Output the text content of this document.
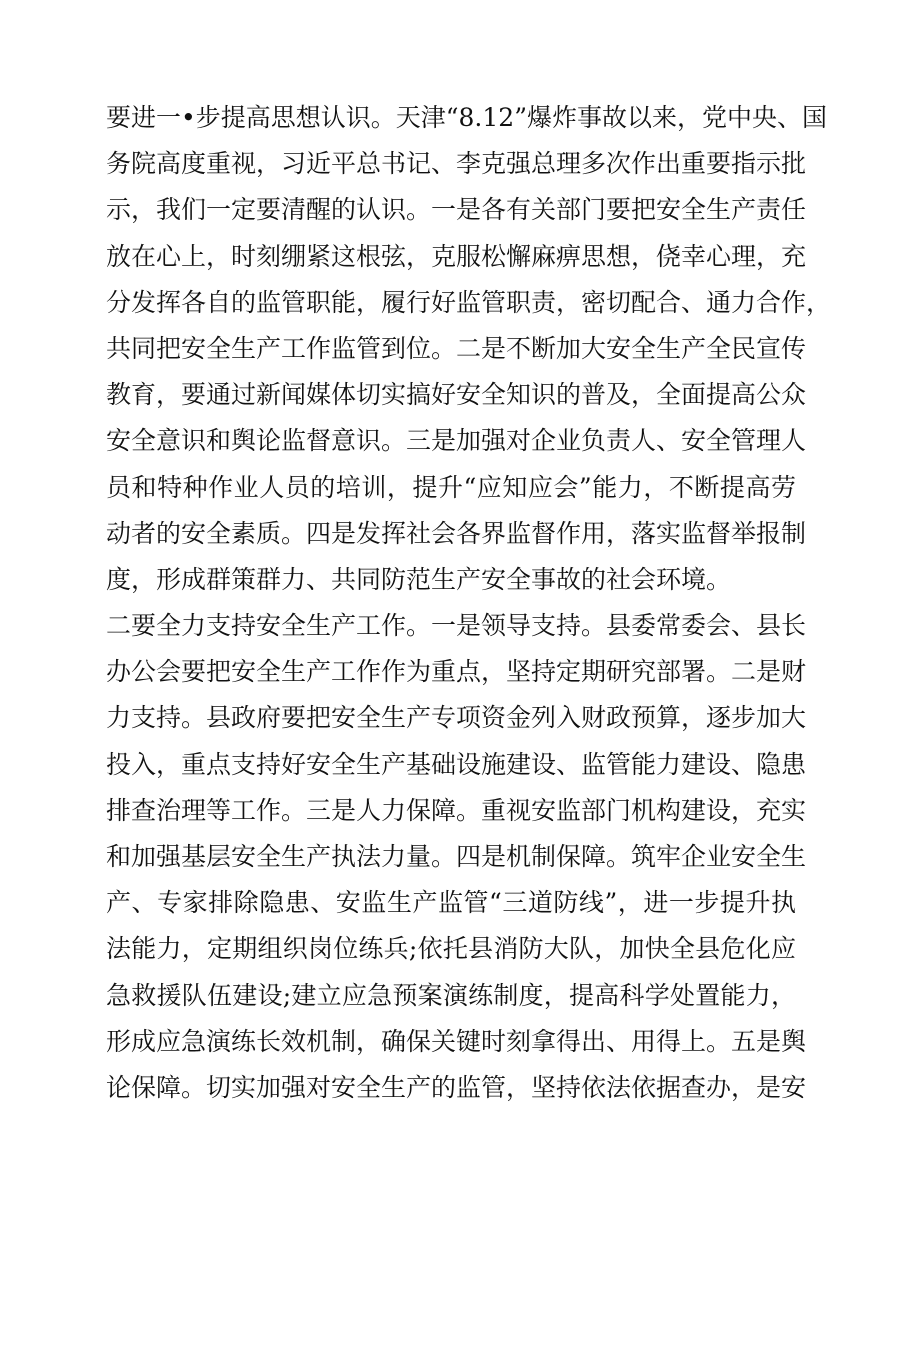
要进一•步提高思想认识。天津“8.12”爆炸事故以来，党中央、国
务院高度重视，习近平总书记、李克强总理多次作出重要指示批
示，我们一定要清醒的认识。一是各有关部门要把安全生产责任
放在心上，时刻绷紧这根弦，克服松懈麻痹思想，侥幸心理，充
分发挥各自的监管职能，履行好监管职责，密切配合、通力合作，
共同把安全生产工作监管到位。二是不断加大安全生产全民宣传
教育，要通过新闻媒体切实搞好安全知识的普及，全面提高公众
安全意识和舆论监督意识。三是加强对企业负责人、安全管理人
员和特种作业人员的培训，提升“应知应会”能力，不断提高劳
动者的安全素质。四是发挥社会各界监督作用，落实监督举报制
度，形成群策群力、共同防范生产安全事故的社会环境。
二要全力支持安全生产工作。一是领导支持。县委常委会、县长
办公会要把安全生产工作作为重点，坚持定期研究部署。二是财
力支持。县政府要把安全生产专项资金列入财政预算，逐步加大
投入，重点支持好安全生产基础设施建设、监管能力建设、隐患
排查治理等工作。三是人力保障。重视安监部门机构建设，充实
和加强基层安全生产执法力量。四是机制保障。筑牢企业安全生
产、专家排除隐患、安监生产监管“三道防线”，进一步提升执
法能力，定期组织岗位练兵;依托县消防大队，加快全县危化应
急救援队伍建设;建立应急预案演练制度，提高科学处置能力，
形成应急演练长效机制，确保关键时刻拿得出、用得上。五是舆
论保障。切实加强对安全生产的监管，坚持依法依据查办，是安
